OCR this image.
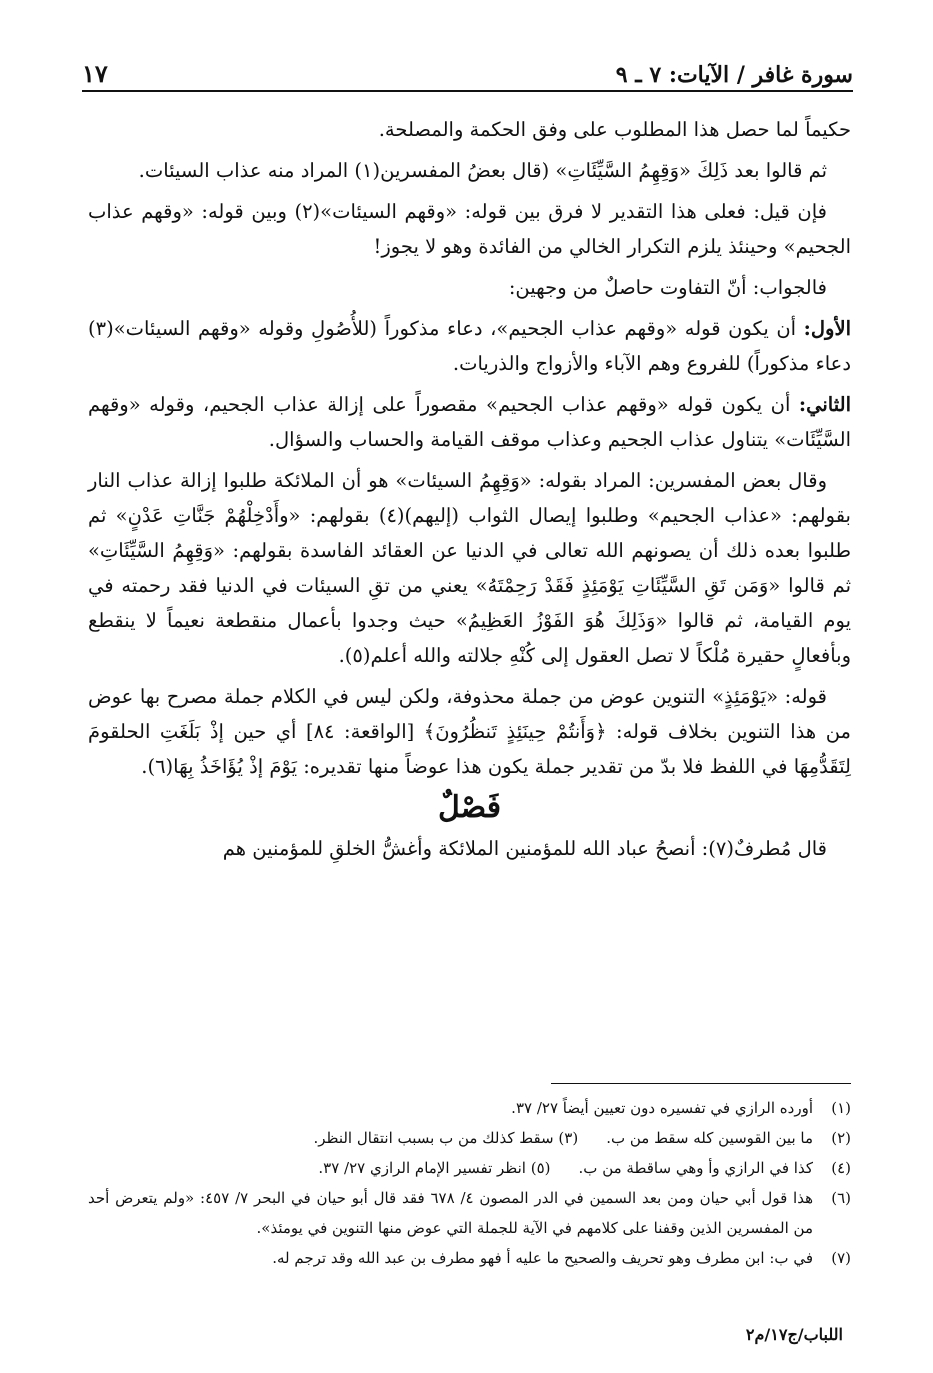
سورة غافر / الآيات: ٧ ـ ٩
١٧

حكيماً لما حصل هذا المطلوب على وفق الحكمة والمصلحة.

ثم قالوا بعد ذَلِكَ «وَقِهِمُ السَّيِّئَاتِ» (قال بعضُ المفسرين(١) المراد منه عذاب السيئات.

فإن قيل: فعلى هذا التقدير لا فرق بين قوله: «وقهم السيئات»(٢) وبين قوله: «وقهم عذاب الجحيم» وحينئذ يلزم التكرار الخالي من الفائدة وهو لا يجوز!

فالجواب: أنّ التفاوت حاصلٌ من وجهين:

الأول: أن يكون قوله «وقهم عذاب الجحيم»، دعاء مذكوراً (للأُصُولِ وقوله «وقهم السيئات»(٣) دعاء مذكوراً) للفروع وهم الآباء والأزواج والذريات.

الثاني: أن يكون قوله «وقهم عذاب الجحيم» مقصوراً على إزالة عذاب الجحيم، وقوله «وقهم السَّيِّئَات» يتناول عذاب الجحيم وعذاب موقف القيامة والحساب والسؤال.

وقال بعض المفسرين: المراد بقوله: «وَقِهِمُ السيئات» هو أن الملائكة طلبوا إزالة عذاب النار بقولهم: «عذاب الجحيم» وطلبوا إيصال الثواب (إليهم)(٤) بقولهم: «وأَدْخِلْهُمْ جَنَّاتِ عَدْنٍ» ثم طلبوا بعده ذلك أن يصونهم الله تعالى في الدنيا عن العقائد الفاسدة بقولهم: «وَقِهِمُ السَّيِّئَاتِ» ثم قالوا «وَمَن تَقِ السَّيِّئَاتِ يَوْمَئِذٍ فَقَدْ رَحِمْتَهُ» يعني من تقِ السيئات في الدنيا فقد رحمته في يوم القيامة، ثم قالوا «وَذَلِكَ هُوَ الفَوْزُ العَظِيمُ» حيث وجدوا بأعمال منقطعة نعيماً لا ينقطع وبأفعالٍ حقيرة مُلْكاً لا تصل العقول إلى كُنْهِ جلالته والله أعلم(٥).

قوله: «يَوْمَئِذٍ» التنوين عوض من جملة محذوفة، ولكن ليس في الكلام جملة مصرح بها عوض من هذا التنوين بخلاف قوله: ﴿وَأَنتُمْ حِينَئِذٍ تَنظُرُونَ﴾ [الواقعة: ٨٤] أي حين إذْ بَلَغَتِ الحلقومَ لِتَقَدُّمِهَا في اللفظ فلا بدّ من تقدير جملة يكون هذا عوضاً منها تقديره: يَوْمَ إذْ يُؤَاخَذُ بِهَا(٦).

فَصْلٌ

قال مُطرفٌ(٧): أنصحُ عباد الله للمؤمنين الملائكة وأغشُّ الخلقِ للمؤمنين هم

(١)
أورده الرازي في تفسيره دون تعيين أيضاً ٢٧/ ٣٧.
(٢)
ما بين القوسين كله سقط من ب.
(٣) سقط كذلك من ب بسبب انتقال النظر.
(٤)
كذا في الرازي وأ وهي ساقطة من ب.
(٥) انظر تفسير الإمام الرازي ٢٧/ ٣٧.
(٦)
هذا قول أبي حيان ومن بعد السمين في الدر المصون ٤/ ٦٧٨ فقد قال أبو حيان في البحر ٧/ ٤٥٧: «ولم يتعرض أحد من المفسرين الذين وقفنا على كلامهم في الآية للجملة التي عوض منها التنوين في يومئذ».
(٧)
في ب: ابن مطرف وهو تحريف والصحيح ما عليه أ فهو مطرف بن عبد الله وقد ترجم له.
اللباب/ج١٧/م٢
